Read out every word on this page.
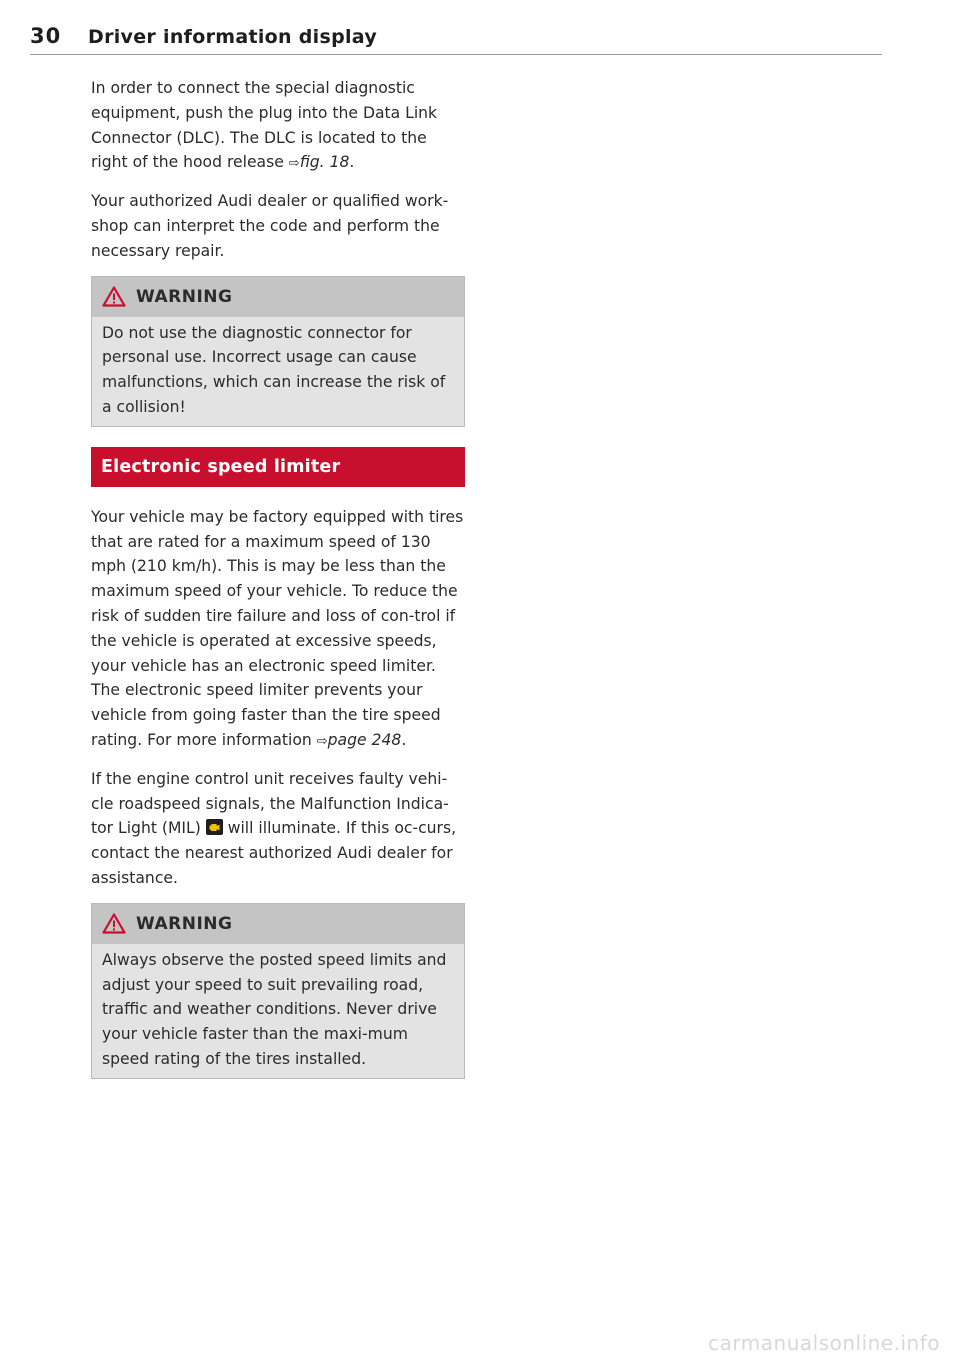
30 Driver information display

In order to connect the special diagnostic equipment, push the plug into the Data Link Connector (DLC). The DLC is located to the right of the hood release ⇨fig. 18.

Your authorized Audi dealer or qualified work-shop can interpret the code and perform the necessary repair.

WARNING
Do not use the diagnostic connector for personal use. Incorrect usage can cause malfunctions, which can increase the risk of a collision!
Electronic speed limiter

Your vehicle may be factory equipped with tires that are rated for a maximum speed of 130 mph (210 km/h). This is may be less than the maximum speed of your vehicle. To reduce the risk of sudden tire failure and loss of con-trol if the vehicle is operated at excessive speeds, your vehicle has an electronic speed limiter. The electronic speed limiter prevents your vehicle from going faster than the tire speed rating. For more information ⇨page 248.

If the engine control unit receives faulty vehi-cle roadspeed signals, the Malfunction Indica-tor Light (MIL)  will illuminate. If this oc-curs, contact the nearest authorized Audi dealer for assistance.

WARNING
Always observe the posted speed limits and adjust your speed to suit prevailing road, traffic and weather conditions. Never drive your vehicle faster than the maxi-mum speed rating of the tires installed.
carmanualsonline.info
